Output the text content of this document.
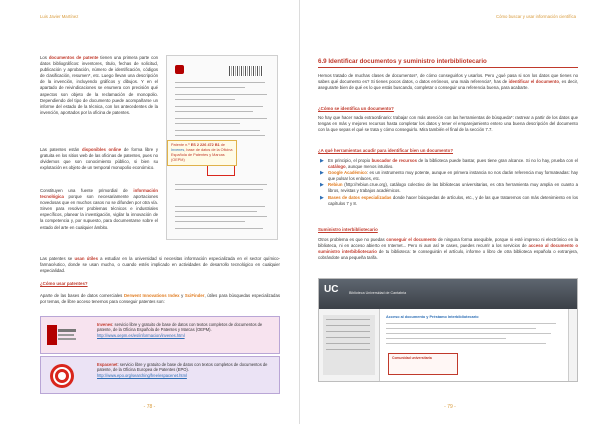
Luis Javier Martínez
Los documentos de patente tienen una primera parte con datos bibliográficos: inventores, título, fechas de solicitud, publicación y aprobación, número de identificación, códigos de clasificación, resumen*, etc. Luego llevan una descripción de la invención, incluyendo gráficos y dibujos. Y en el apartado de reivindicaciones se enumera con precisión qué aspectos son objeto de la reclamación de monopolio. Dependiendo del tipo de documento puede acompañarse un informe del estado de la técnica, con los antecedentes de la invención, aportados por la oficina de patentes.
Las patentes están disponibles online de forma libre y gratuita en los sitios web de las oficinas de patentes, pues no olvidemos que son conocimiento público, si bien su explotación es objeto de un temporal monopolio económico.
Constituyen una fuente primordial de información tecnológica porque son necesariamente aportaciones novedosas que en muchos casos no se difunden por otra vía. Sirven para resolver problemas técnicos e industriales específicos, planear la investigación, vigilar la innovación de la competencia y, por supuesto, para documentarse sobre el estado del arte en cualquier ámbito.
Patente n.º ES 2 226 472 B1 de Invenes, base de datos de la Oficina Española de Patentes y Marcas (OEPM)
Las patentes se usan útiles a estudiar en la universidad si necesitas información especializada en el sector químico-farmacéutico, donde se usan mucho, o cuando estés implicado en actividades de desarrollo tecnológico en cualquier especialidad.
¿Cómo usar patentes?
Aparte de las bases de datos comerciales Derwent Innovations Index y SciFinder, útiles para búsquedas especializadas por temas, de libre acceso tenemos para conseguir patentes son:
Invenes: servicio libre y gratuito de base de datos con textos completos de documentos de patente, de la Oficina Española de Patentes y Marcas (OEPM).
http://www.oepm.es/es/informacion/invenes.html
Espacenet: servicio libre y gratuito de base de datos con textos completos de documentos de patente, de la Oficina Europea de Patentes (EPO).
http://www.epo.org/searching/free/espacenet.html
- 78 -
Cómo buscar y usar información científica
6.9 Identificar documentos y suministro interbibliotecario
Hemos tratado de muchas clases de documentos*, de cómo conseguirlos y usarlos. Pero ¿qué pasa si son los datos que tienes no sabes qué documento es? Si tienes pocos datos, o datos erróneos, una mala referencia*, has de identificar el documento, es decir, asegurarte bien de qué es lo que estás buscando, completar o conseguir una referencia buena, para acabarte.
¿Cómo se identifica un documento?
No hay que hacer nada extraordinario: trabajar con más atención con las herramientas de búsqueda*: rastrear a partir de los datos que tengas en más y mejores recursos hasta completar los datos y tener el emparejamiento entero una buena descripción del documento con la que sepas el qué se trata y cómo conseguirlo. Mira también el final de la sección 7.7.
¿A qué herramientas acudir para identificar bien un documento?
▶ En principio, el propio buscador de recursos de la biblioteca puede bastar, pues tiene gran alcance. Si no lo hay, prueba con el catálogo, aunque menos intuitivo.
▶ Google Académico: es un instrumento muy potente, aunque en primera instancia no nos darán referencia muy formateadas: hay que pulsar los enlaces, etc.
▶ Rebiun (http://rebiun.crue.org), catálogo colectivo de las bibliotecas universitarias, es otra herramienta muy amplia en cuanto a libros, revistas y trabajos académicos.
▶ Bases de datos especializadas donde hacer búsquedas de artículos, etc., y de las que trataremos con más detenimiento en los capítulos 7 y 8.
Suministro interbibliotecario
Otros problema es que no puedas conseguir el documento de ninguna forma asequible, porque ni esté impreso ni electrónico en la biblioteca, ni en acceso abierto en Internet... Pero ni aun así te cases, puedes recurrir a los servicios de acceso al documento o suministro interbibliotecario de tu biblioteca: te conseguirán el artículo, informe o libro de otra biblioteca española o extranjera, cobrándote una pequeña tarifa.
UC	Biblioteca Universidad de Cantabria
Acceso al documento y Préstamo Interbibliotecario
Comunidad universitaria
- 79 -
